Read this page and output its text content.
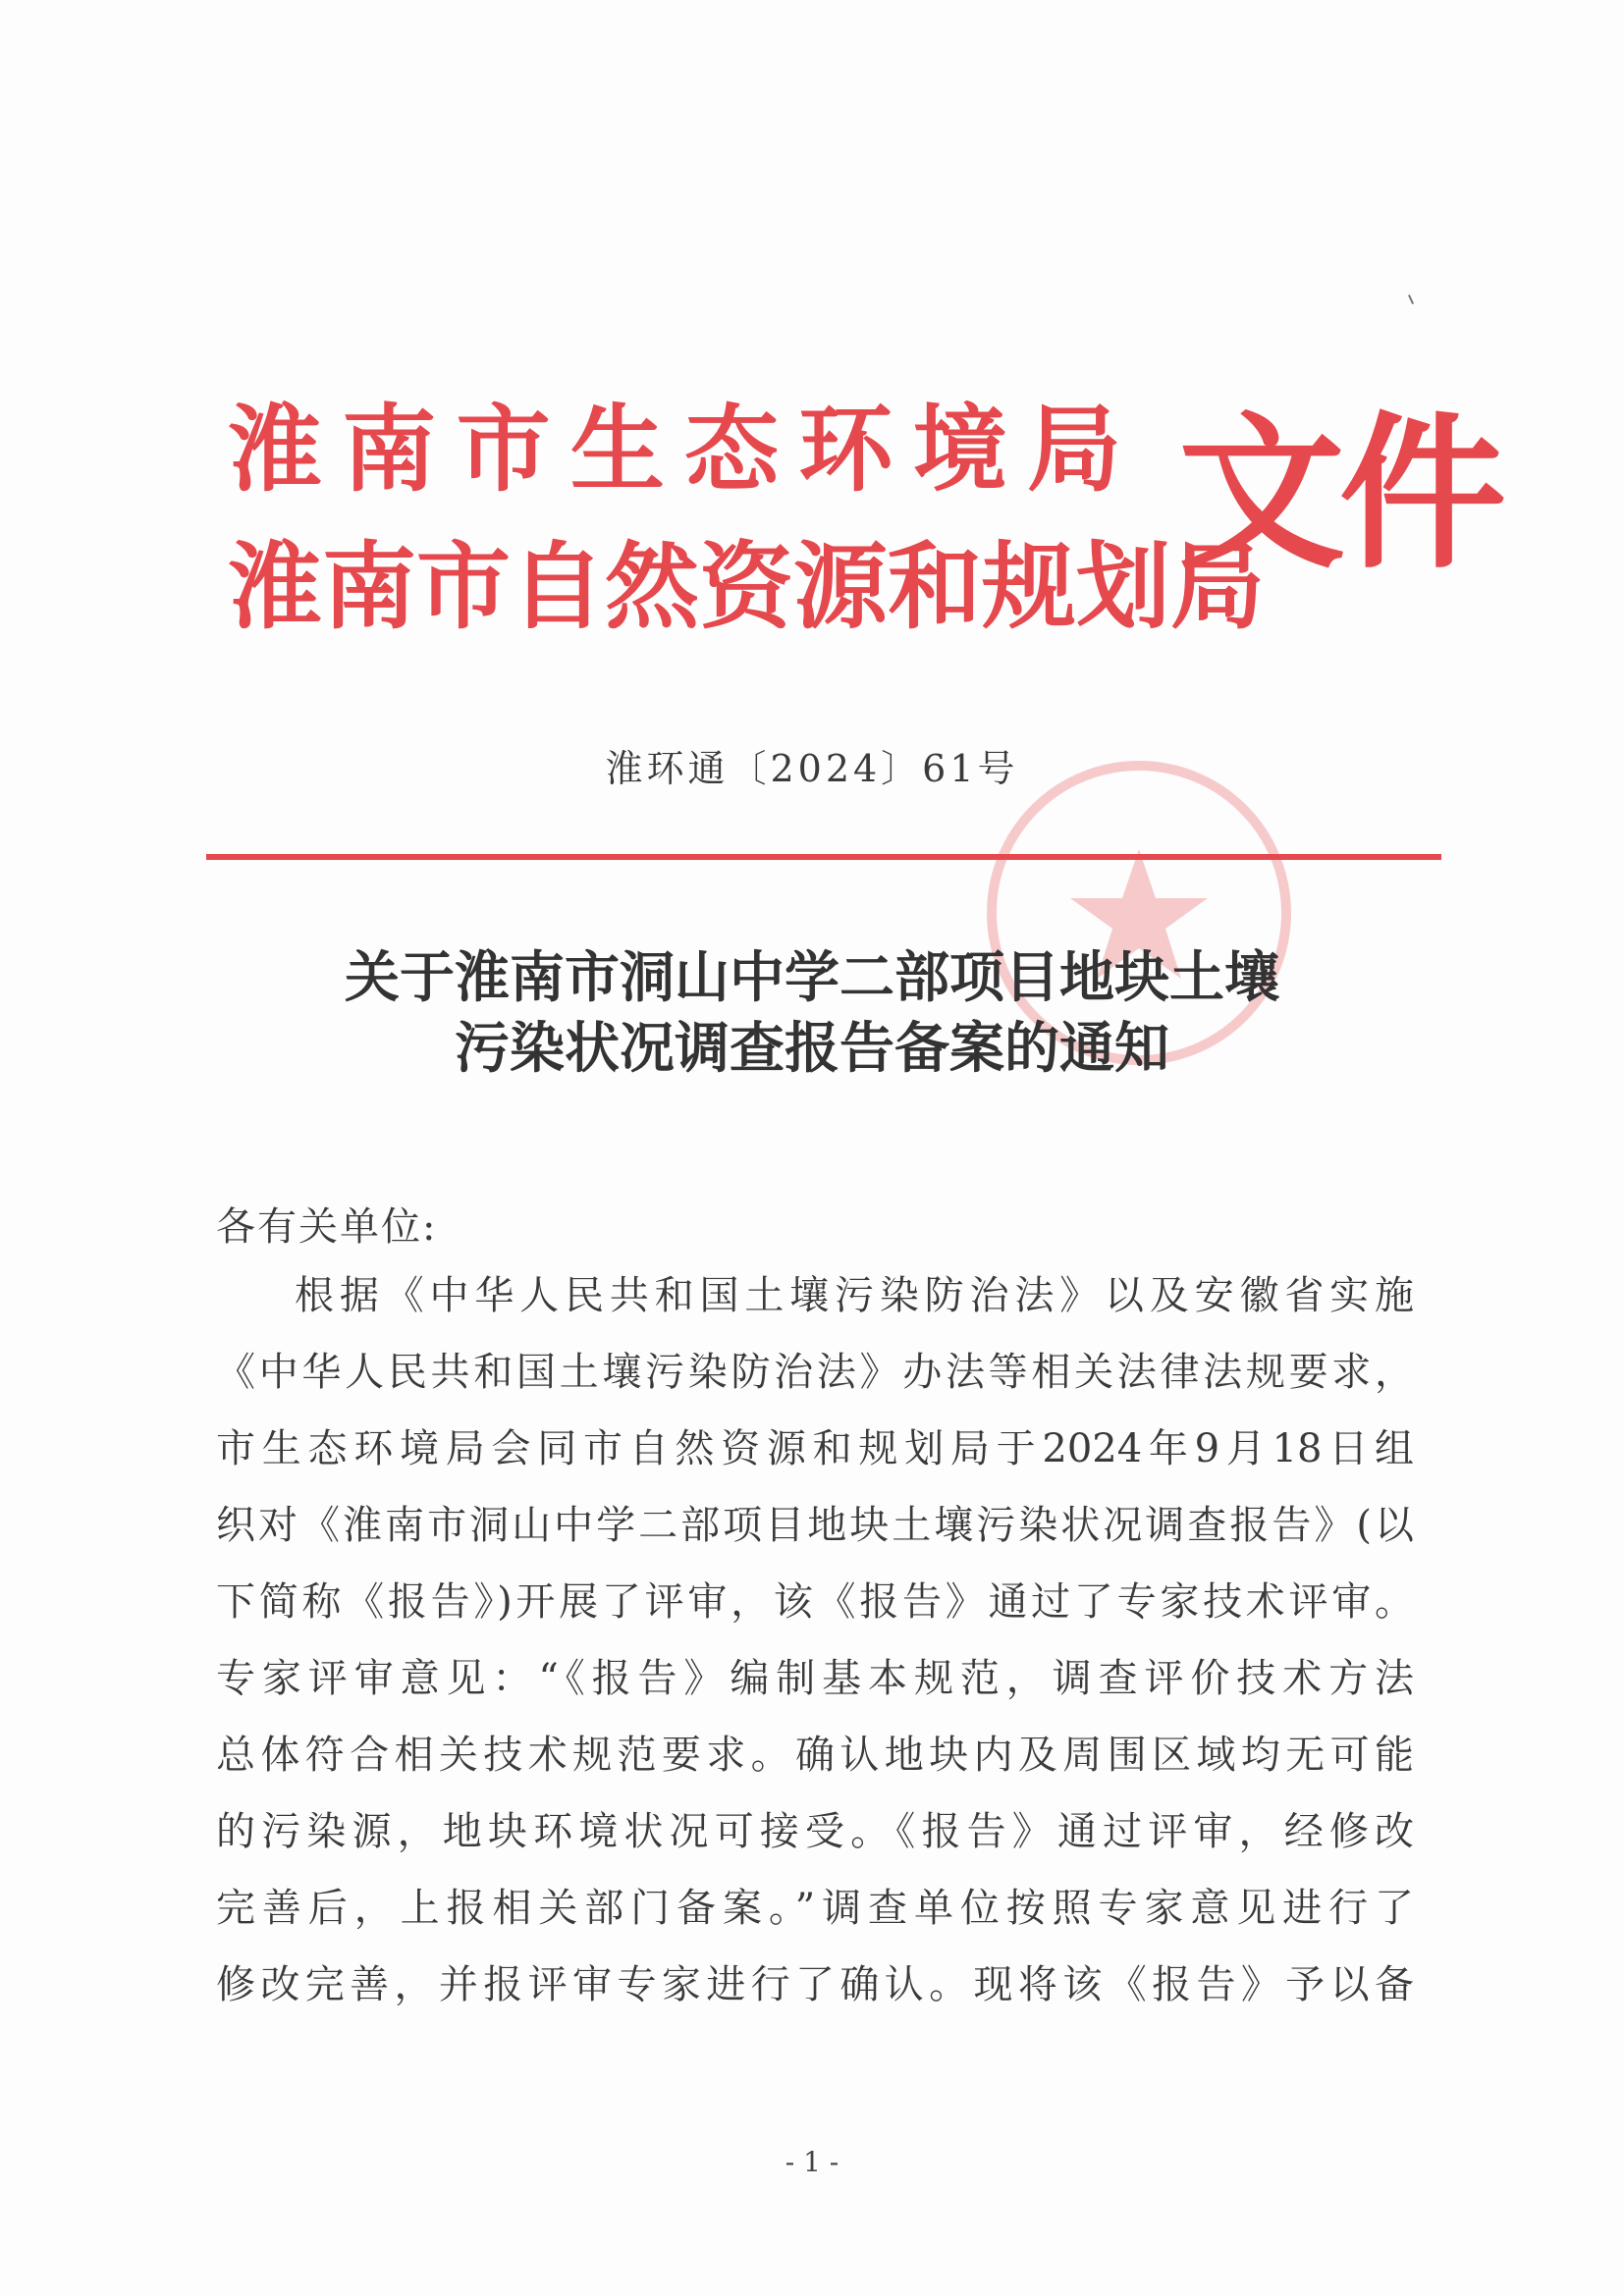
淮 南 市 生 态 环 境 局
淮南市自然资源和规划局
文件
淮环通〔2024〕61号
关于淮南市洞山中学二部项目地块土壤
污染状况调查报告备案的通知
各有关单位:
根据《中华人民共和国土壤污染防治法》以及安徽省实施
《中华人民共和国土壤污染防治法》办法等相关法律法规要求，
市生态环境局会同市自然资源和规划局于2024年9月18日组
织对《淮南市洞山中学二部项目地块土壤污染状况调查报告》(以
下简称《报告》)开展了评审，该《报告》通过了专家技术评审。
专家评审意见：“《报告》编制基本规范，调查评价技术方法
总体符合相关技术规范要求。确认地块内及周围区域均无可能
的污染源，地块环境状况可接受。《报告》通过评审，经修改
完善后，上报相关部门备案。”调查单位按照专家意见进行了
修改完善，并报评审专家进行了确认。现将该《报告》予以备
- 1 -
